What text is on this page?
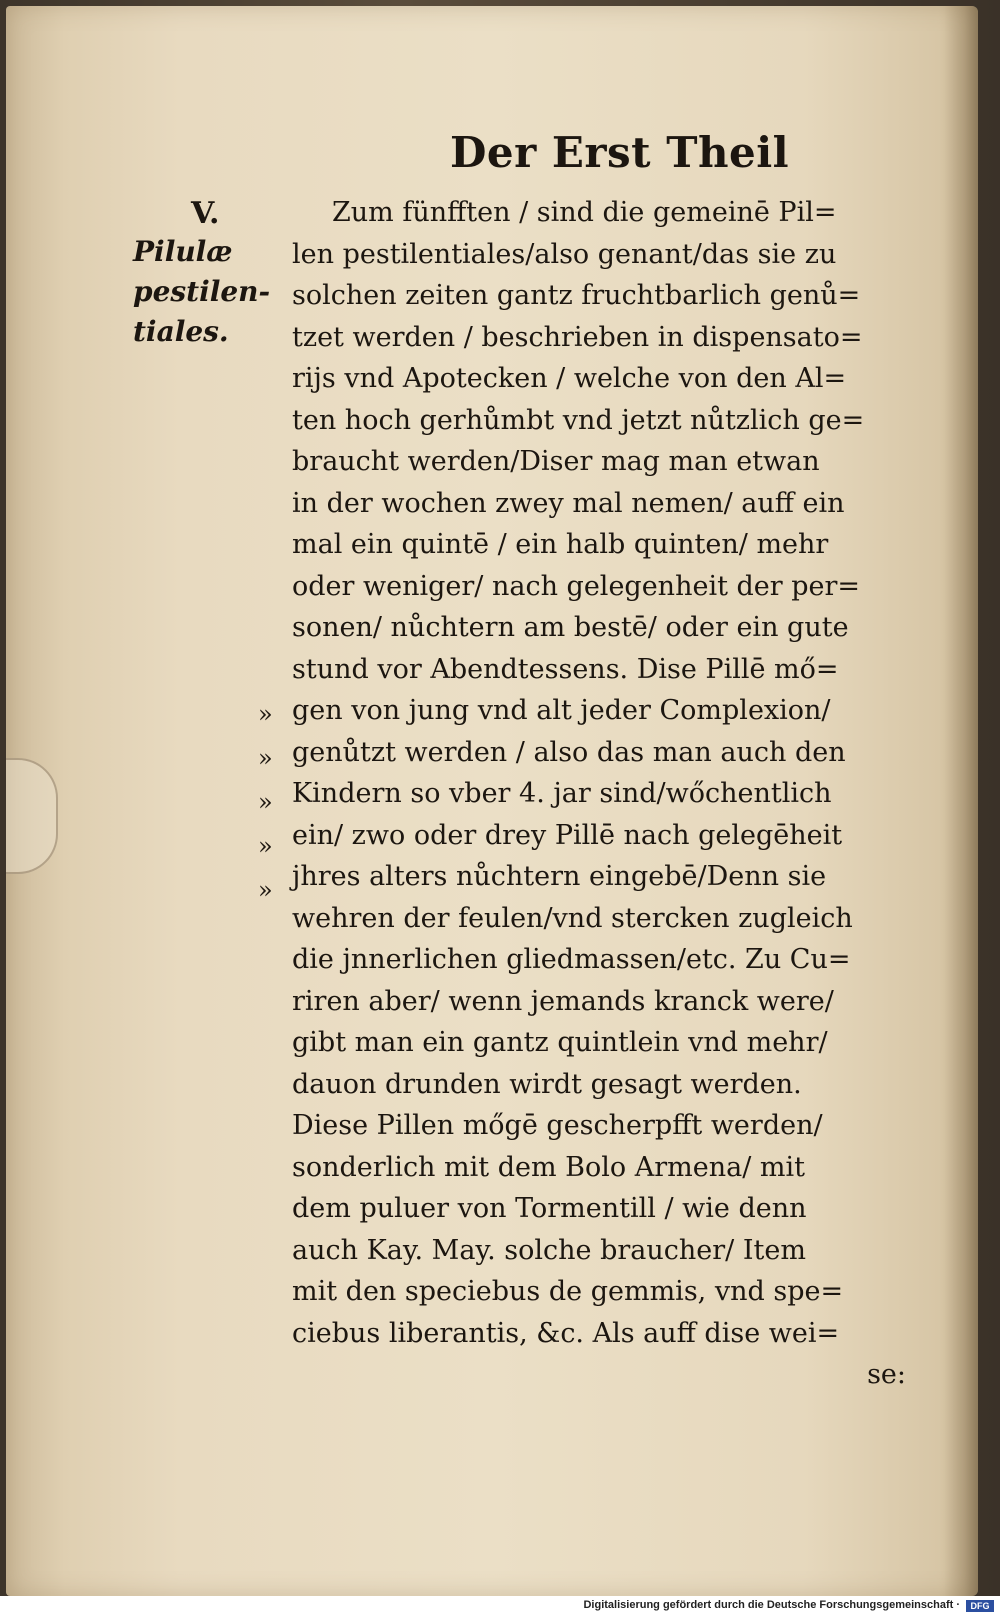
Der Erst Theil
V.
Pilulæ
pestilen-
tiales.
»
»
»
»
»
Zum fünfften / sind die gemeinē Pil=
len pestilentiales/also genant/das sie zu
solchen zeiten gantz fruchtbarlich genů=
tzet werden / beschrieben in dispensato=
rijs vnd Apotecken / welche von den Al=
ten hoch gerhůmbt vnd jetzt nůtzlich ge=
braucht werden/Diser mag man etwan
in der wochen zwey mal nemen/ auff ein
mal ein quintē / ein halb quinten/ mehr
oder weniger/ nach gelegenheit der per=
sonen/ nůchtern am bestē/ oder ein gute
stund vor Abendtessens. Dise Pillē mő=
gen von jung vnd alt jeder Complexion/
genůtzt werden / also das man auch den
Kindern so vber 4. jar sind/wőchentlich
ein/ zwo oder drey Pillē nach gelegēheit
jhres alters nůchtern eingebē/Denn sie
wehren der feulen/vnd stercken zugleich
die jnnerlichen gliedmassen/etc. Zu Cu=
riren aber/ wenn jemands kranck were/
gibt man ein gantz quintlein vnd mehr/
dauon drunden wirdt gesagt werden.
Diese Pillen mőgē gescherpfft werden/
sonderlich mit dem Bolo Armena/ mit
dem puluer von Tormentill / wie denn
auch Kay. May. solche braucher/ Item
mit den speciebus de gemmis, vnd spe=
ciebus liberantis, &c. Als auff dise wei=
se:
Digitalisierung gefördert durch die Deutsche Forschungsgemeinschaft ·	DFG
